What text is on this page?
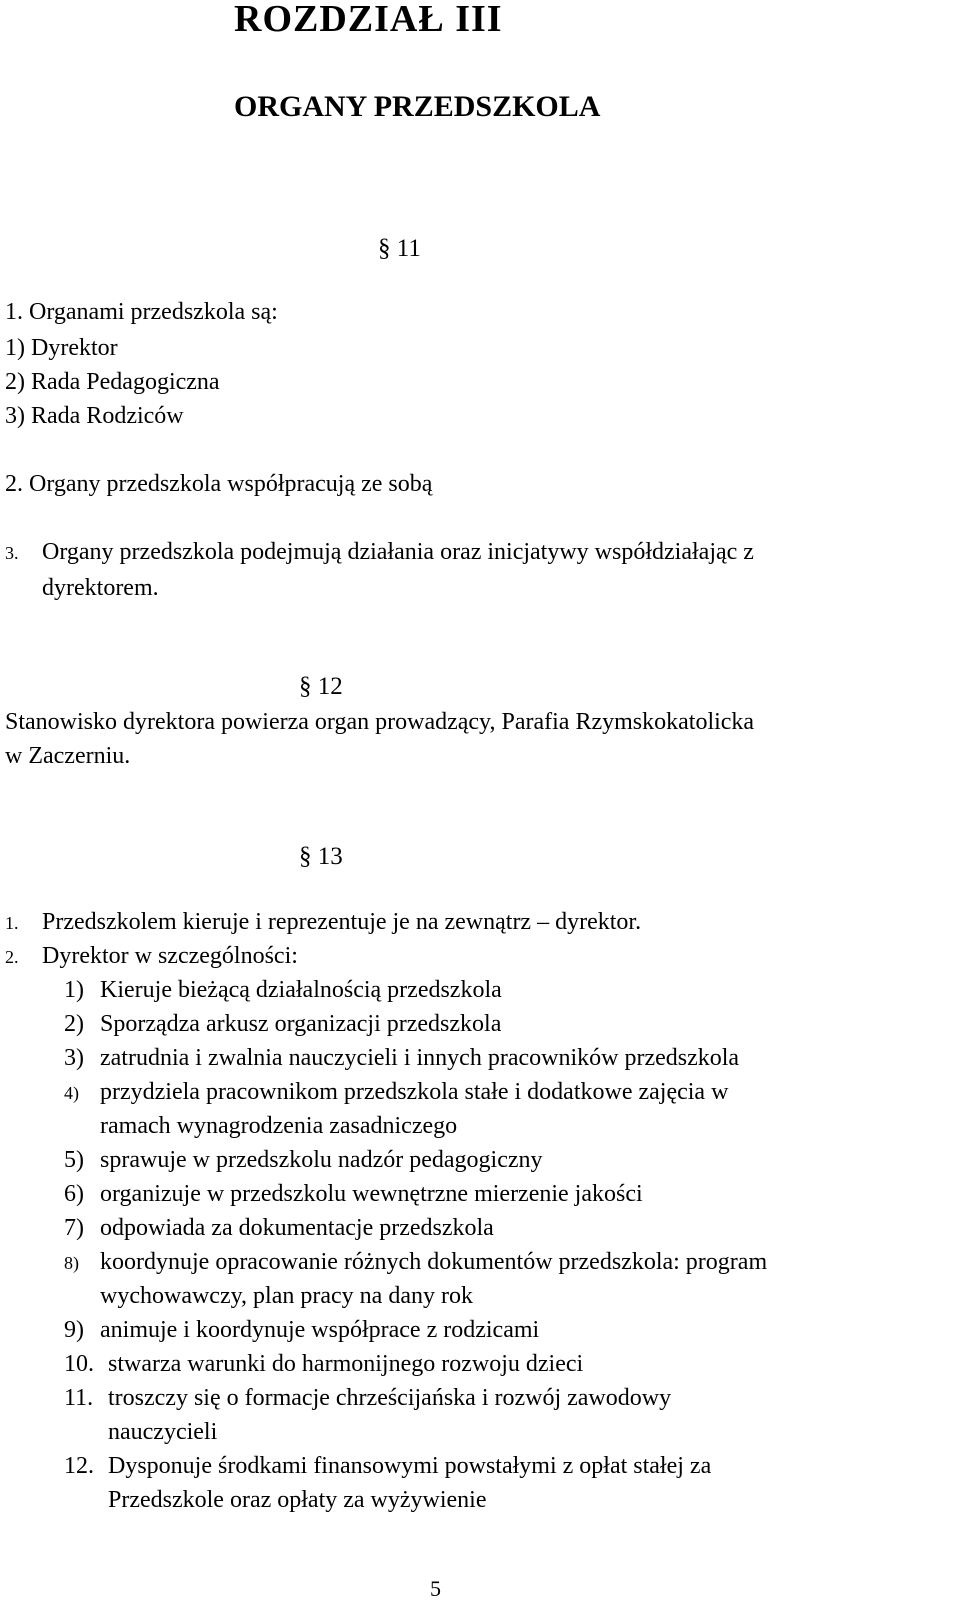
ROZDZIAŁ III
ORGANY PRZEDSZKOLA
§ 11
1. Organami przedszkola są:
1) Dyrektor
2) Rada Pedagogiczna
3) Rada Rodziców
2. Organy przedszkola współpracują ze sobą
3. Organy przedszkola podejmują działania oraz inicjatywy współdziałając z
dyrektorem.
§ 12
Stanowisko dyrektora powierza organ prowadzący, Parafia Rzymskokatolicka
w Zaczerniu.
§ 13
1. Przedszkolem kieruje i reprezentuje je na zewnątrz – dyrektor.
2. Dyrektor w szczególności:
1) Kieruje bieżącą działalnością przedszkola
2) Sporządza arkusz organizacji przedszkola
3) zatrudnia i zwalnia nauczycieli i innych pracowników przedszkola
4) przydziela pracownikom przedszkola stałe i dodatkowe zajęcia w
ramach wynagrodzenia zasadniczego
5) sprawuje w przedszkolu nadzór pedagogiczny
6) organizuje w przedszkolu wewnętrzne mierzenie jakości
7) odpowiada za dokumentacje przedszkola
8) koordynuje opracowanie różnych dokumentów przedszkola: program
wychowawczy, plan pracy na dany rok
9) animuje i koordynuje współprace z rodzicami
10. stwarza warunki do harmonijnego rozwoju dzieci
11. troszczy się o formacje chrześcijańska i rozwój zawodowy
nauczycieli
12. Dysponuje środkami finansowymi powstałymi z opłat stałej za
Przedszkole oraz opłaty za wyżywienie
5
